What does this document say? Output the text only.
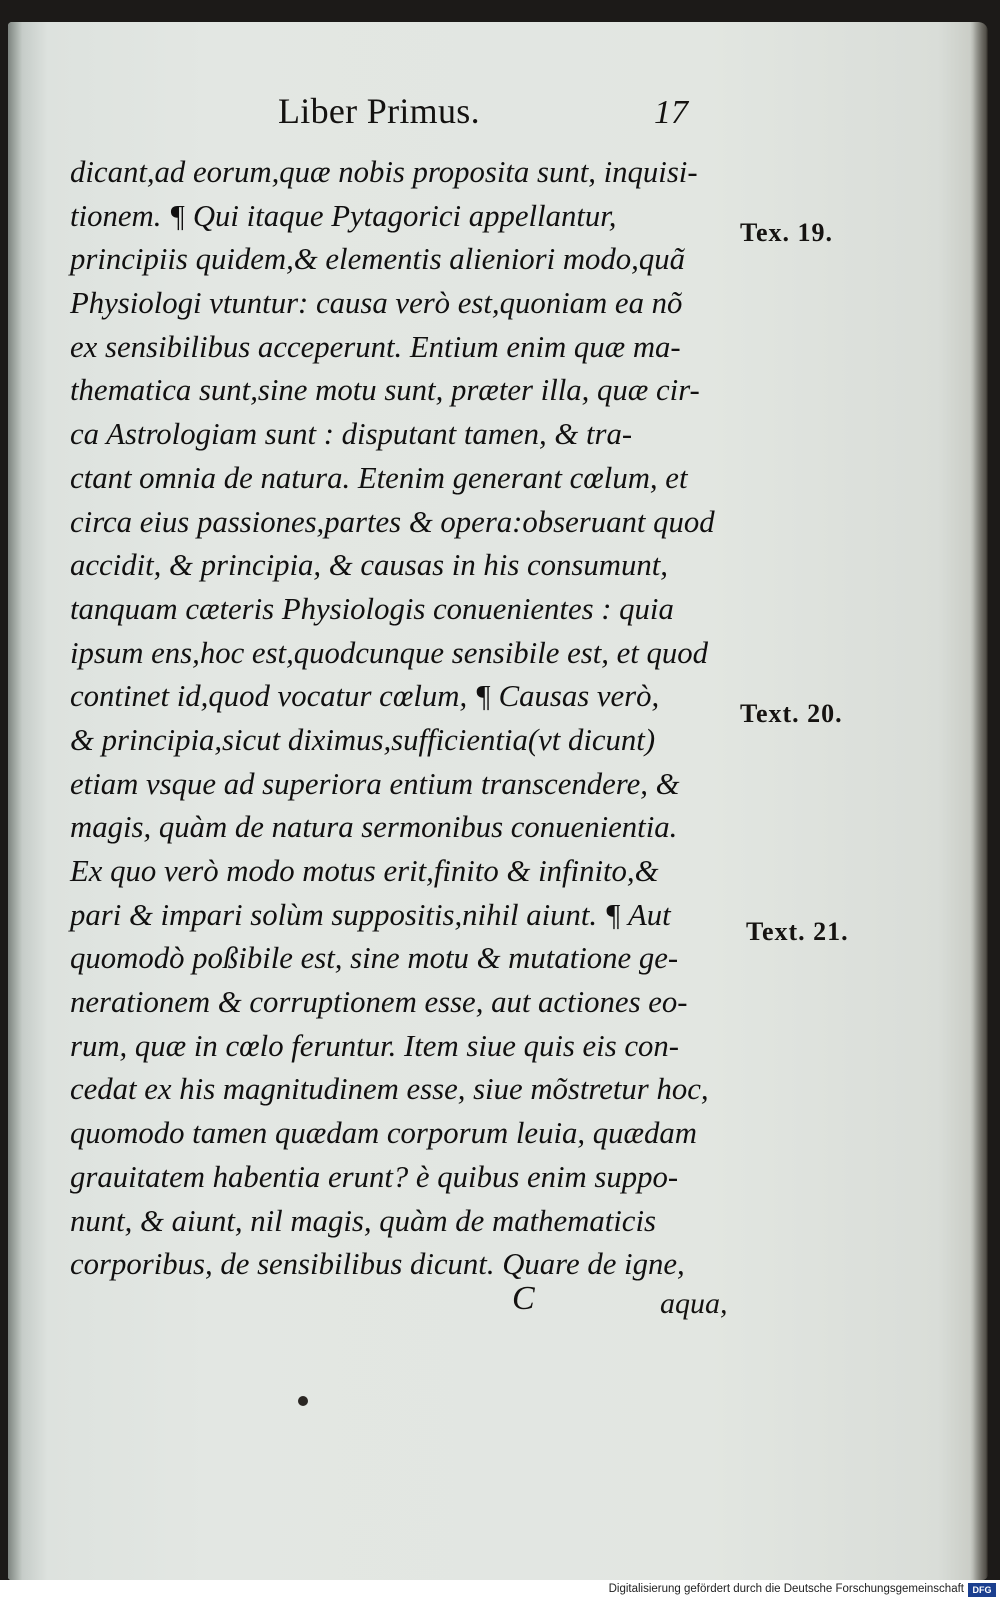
Liber Primus.	17
dicant,ad eorum,quæ nobis proposita sunt, inquisi-
tionem. ¶ Qui itaque Pytagorici appellantur,
principiis quidem,& elementis alieniori modo,quã
Physiologi vtuntur: causa verò est,quoniam ea nõ
ex sensibilibus acceperunt. Entium enim quæ ma-
thematica sunt,sine motu sunt, præter illa, quæ cir-
ca Astrologiam sunt : disputant tamen, & tra-
ctant omnia de natura. Etenim generant cœlum, et
circa eius passiones,partes & opera:obseruant quod
accidit, & principia, & causas in his consumunt,
tanquam cæteris Physiologis conuenientes : quia
ipsum ens,hoc est,quodcunque sensibile est, et quod
continet id,quod vocatur cœlum, ¶ Causas verò,
& principia,sicut diximus,sufficientia(vt dicunt)
etiam vsque ad superiora entium transcendere, &
magis, quàm de natura sermonibus conuenientia.
Ex quo verò modo motus erit,finito & infinito,&
pari & impari solùm suppositis,nihil aiunt. ¶ Aut
quomodò poßibile est, sine motu & mutatione ge-
nerationem & corruptionem esse, aut actiones eo-
rum, quæ in cœlo feruntur. Item siue quis eis con-
cedat ex his magnitudinem esse, siue mõstretur hoc,
quomodo tamen quædam corporum leuia, quædam
grauitatem habentia erunt? è quibus enim suppo-
nunt, & aiunt, nil magis, quàm de mathematicis
corporibus, de sensibilibus dicunt. Quare de igne,
Tex. 19.
Text. 20.
Text. 21.
C	aqua,
Digitalisierung gefördert durch die Deutsche Forschungsgemeinschaft DFG
